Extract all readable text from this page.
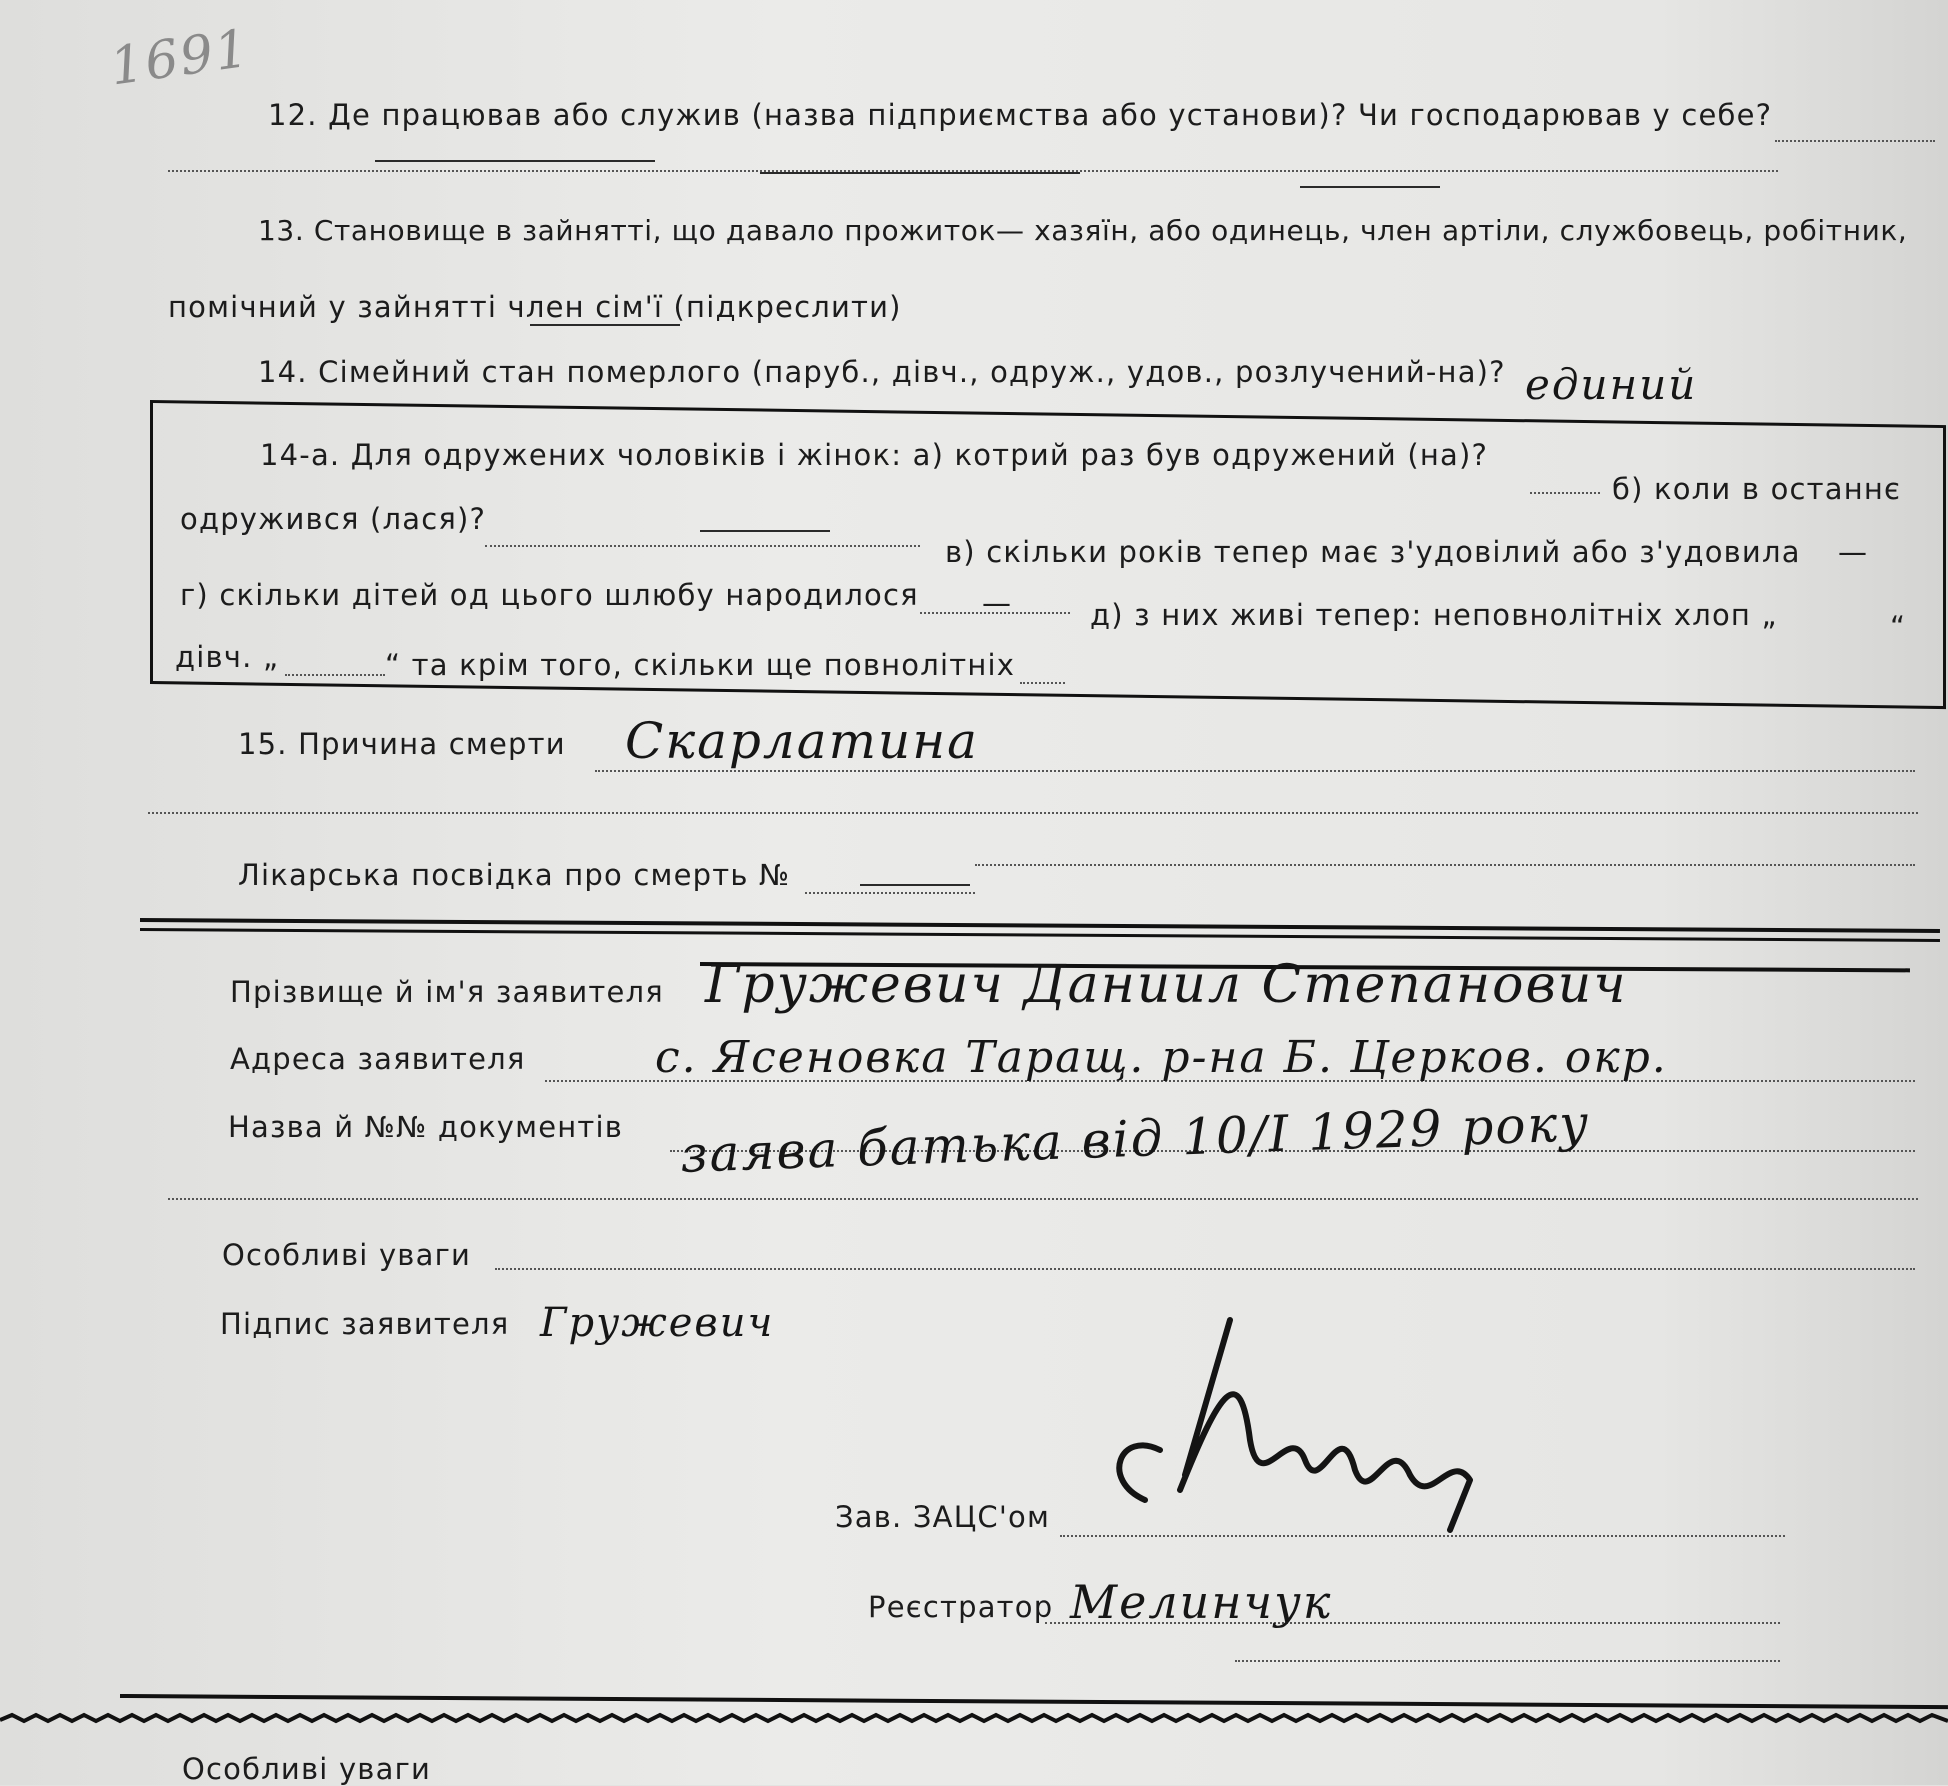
1691
12. Де працював або служив (назва підприємства або установи)? Чи господарював у себе?
13. Становище в зайнятті, що давало прожиток— хазяїн, або одинець, член артіли, службовець, робітник,
помічний у зайнятті член сім'ї (підкреслити)
14. Сімейний стан померлого (паруб., дівч., одруж., удов., розлучений-на)? единий
14-а. Для одружених чоловіків і жінок: а) котрий раз був одружений (на)?
б) коли в останнє
одружився (лася)?
в) скільки років тепер має з'удовілий або з'удовила —
г) скільки дітей од цього шлюбу народилося —	д) з них живі тепер: неповнолітніх хлоп „	“
дівч. „	“ та крім того, скільки ще повнолітніх
15. Причина смерти Скарлатина
Лікарська посвідка про смерть №
Прізвище й ім'я заявителя Гружевич Даниил Степанович
Адреса заявителя	с. Ясеновка Таращ. р-на Б. Церков. окр.
Назва й №№ документів заява батька від 10/I 1929 року
Особливі уваги
Підпис заявителя Гружевич
Зав. ЗАЦС'ом
Реєстратор Мелинчук
Особливі уваги
